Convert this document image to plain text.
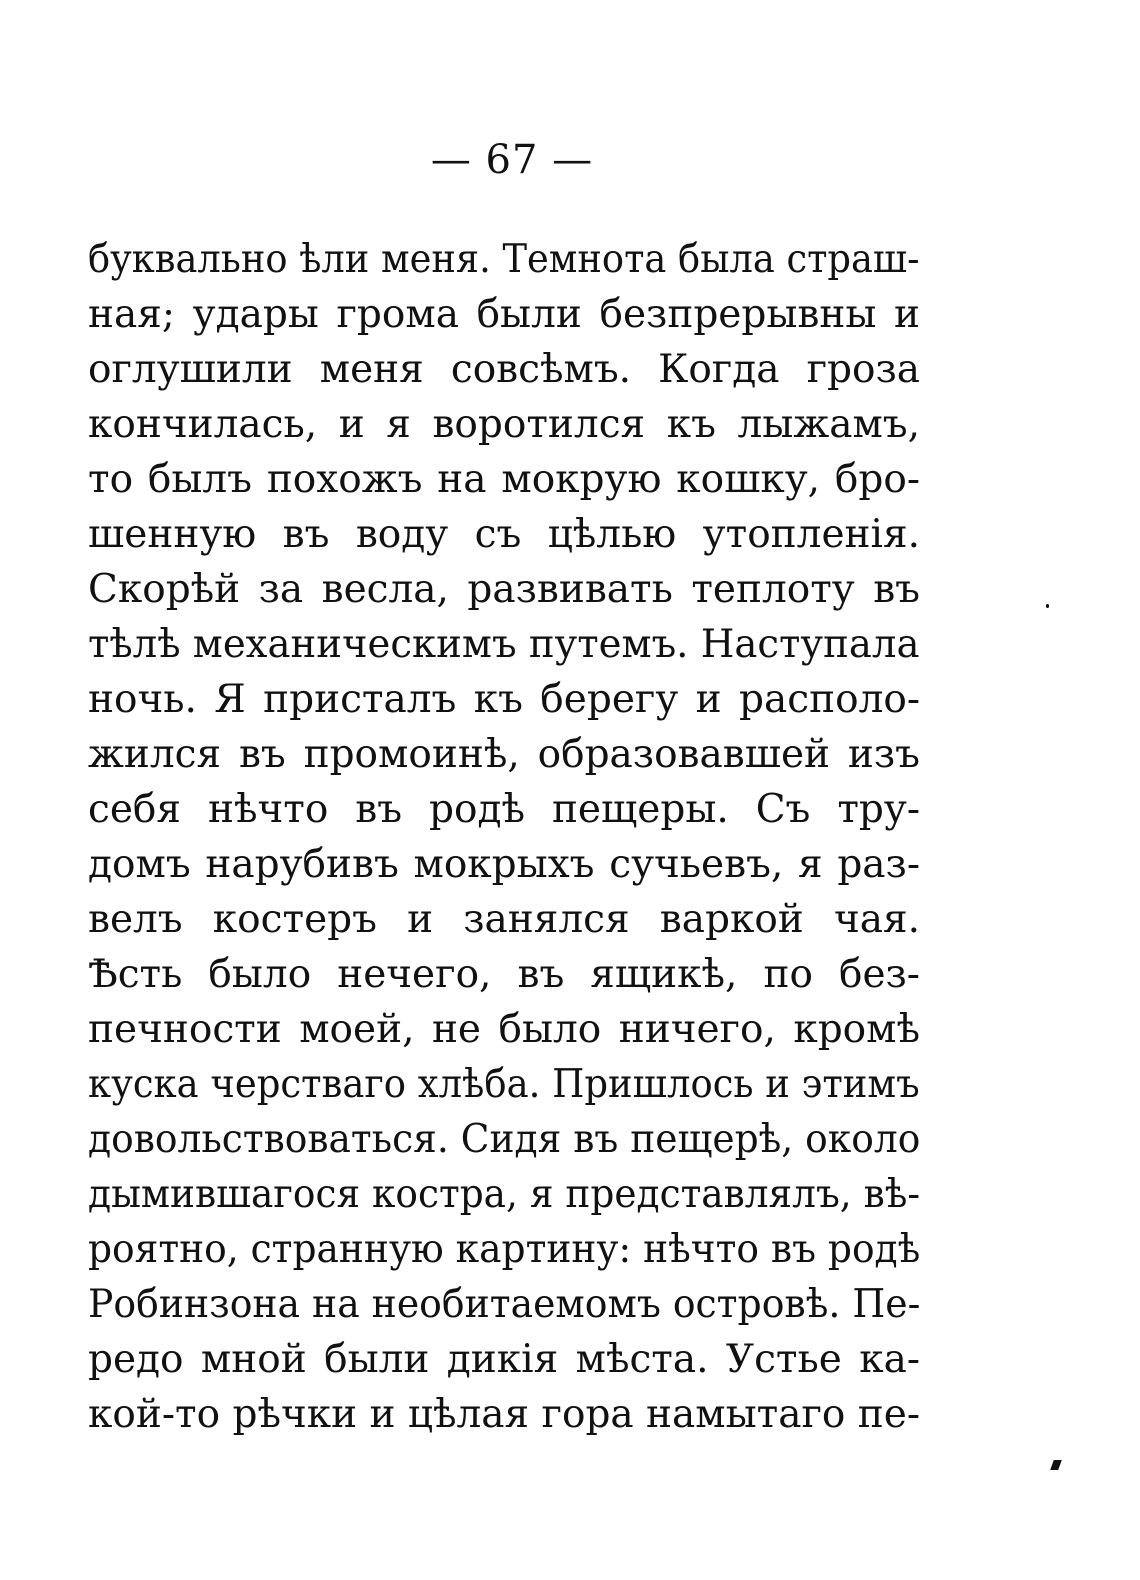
— 67 —
буквально ѣли меня. Темнота была страш-
ная; удары грома были безпрерывны и
оглушили меня совсѣмъ. Когда гроза
кончилась, и я воротился къ лыжамъ,
то былъ похожъ на мокрую кошку, бро-
шенную въ воду съ цѣлью утопленія.
Скорѣй за весла, развивать теплоту въ
тѣлѣ механическимъ путемъ. Наступала
ночь. Я присталъ къ берегу и располо-
жился въ промоинѣ, образовавшей изъ
себя нѣчто въ родѣ пещеры. Съ тру-
домъ нарубивъ мокрыхъ сучьевъ, я раз-
велъ костеръ и занялся варкой чая.
Ѣсть было нечего, въ ящикѣ, по без-
печности моей, не было ничего, кромѣ
куска черстваго хлѣба. Пришлось и этимъ
довольствоваться. Сидя въ пещерѣ, около
дымившагося костра, я представлялъ, вѣ-
роятно, странную картину: нѣчто въ родѣ
Робинзона на необитаемомъ островѣ. Пе-
редо мной были дикія мѣста. Устье ка-
кой-то рѣчки и цѣлая гора намытаго пе-
